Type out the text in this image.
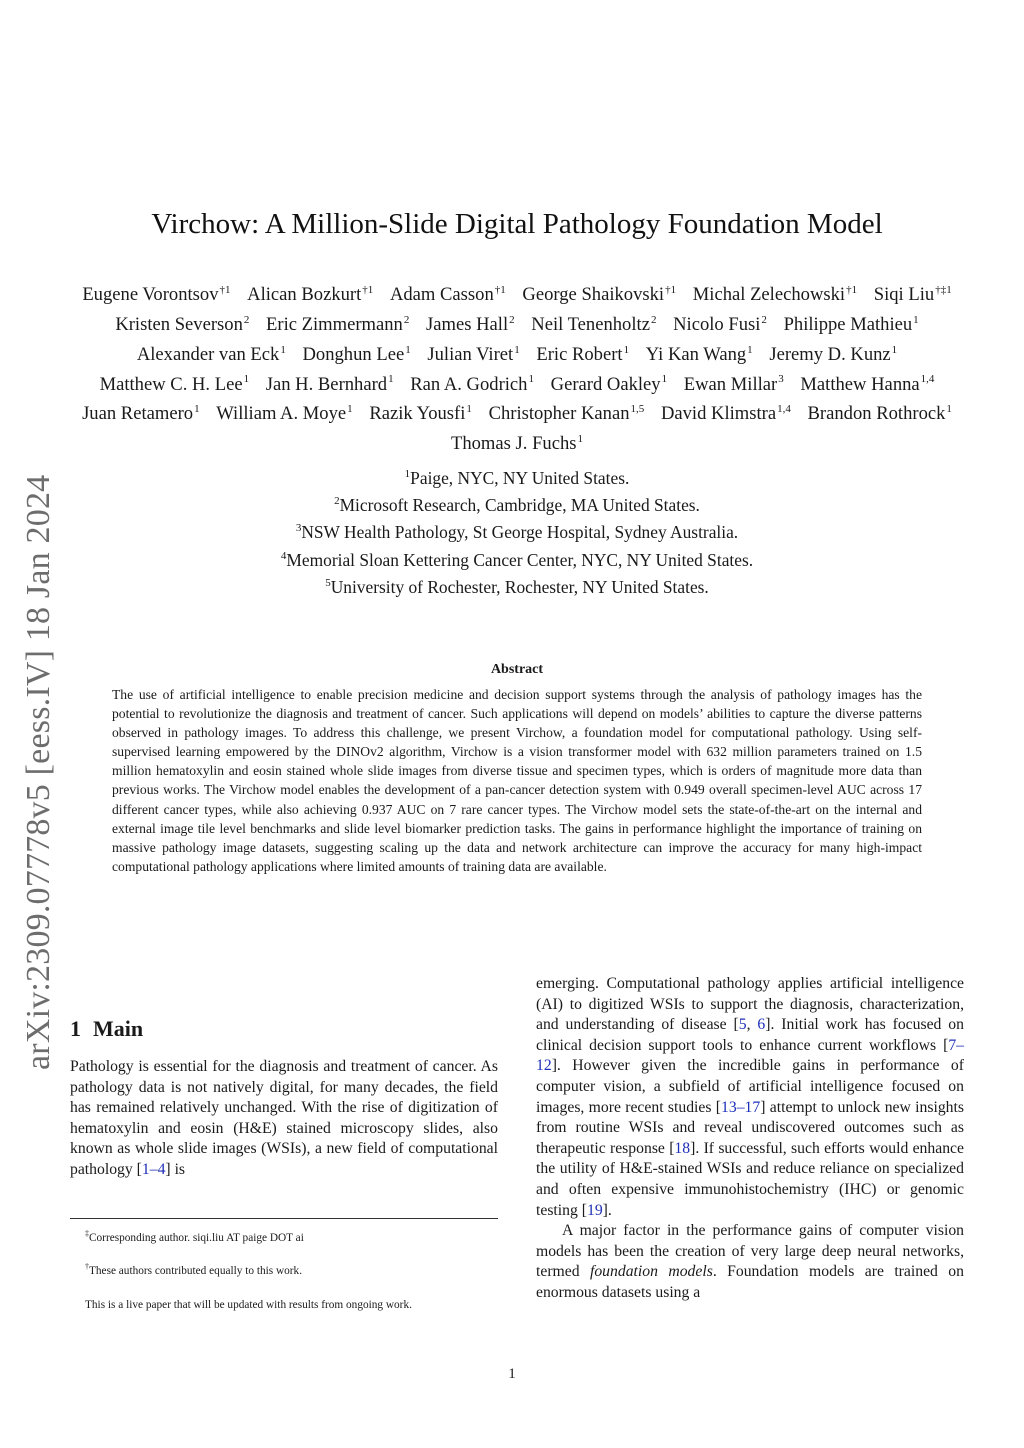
arXiv:2309.07778v5 [eess.IV] 18 Jan 2024
Virchow: A Million-Slide Digital Pathology Foundation Model
Eugene Vorontsov$^{\dagger 1}$ Alican Bozkurt$^{\dagger 1}$ Adam Casson$^{\dagger 1}$ George Shaikovski$^{\dagger 1}$ Michal Zelechowski$^{\dagger 1}$ Siqi Liu$^{\dagger\ddagger 1}$ Kristen Severson$^2$ Eric Zimmermann$^2$ James Hall$^2$ Neil Tenenholtz$^2$ Nicolo Fusi$^2$ Philippe Mathieu$^1$ Alexander van Eck$^1$ Donghun Lee$^1$ Julian Viret$^1$ Eric Robert$^1$ Yi Kan Wang$^1$ Jeremy D. Kunz$^1$ Matthew C. H. Lee$^1$ Jan H. Bernhard$^1$ Ran A. Godrich$^1$ Gerard Oakley$^1$ Ewan Millar$^3$ Matthew Hanna$^{1,4}$ Juan Retamero$^1$ William A. Moye$^1$ Razik Yousfi$^1$ Christopher Kanan$^{1,5}$ David Klimstra$^{1,4}$ Brandon Rothrock$^1$ Thomas J. Fuchs$^1$
$^1$Paige, NYC, NY United States.
$^2$Microsoft Research, Cambridge, MA United States.
$^3$NSW Health Pathology, St George Hospital, Sydney Australia.
$^4$Memorial Sloan Kettering Cancer Center, NYC, NY United States.
$^5$University of Rochester, Rochester, NY United States.
Abstract

The use of artificial intelligence to enable precision medicine and decision support systems through the analysis of pathology images has the potential to revolutionize the diagnosis and treatment of cancer. Such applications will depend on models’ abilities to capture the diverse patterns observed in pathology images. To address this challenge, we present Virchow, a foundation model for computational pathology. Using self-supervised learning empowered by the DINOv2 algorithm, Virchow is a vision transformer model with 632 million parameters trained on 1.5 million hematoxylin and eosin stained whole slide images from diverse tissue and specimen types, which is orders of magnitude more data than previous works. The Virchow model enables the development of a pan-cancer detection system with 0.949 overall specimen-level AUC across 17 different cancer types, while also achieving 0.937 AUC on 7 rare cancer types. The Virchow model sets the state-of-the-art on the internal and external image tile level benchmarks and slide level biomarker prediction tasks. The gains in performance highlight the importance of training on massive pathology image datasets, suggesting scaling up the data and network architecture can improve the accuracy for many high-impact computational pathology applications where limited amounts of training data are available.

1 Main

Pathology is essential for the diagnosis and treatment of cancer. As pathology data is not natively digital, for many decades, the field has remained relatively unchanged. With the rise of digitization of hematoxylin and eosin (H&E) stained microscopy slides, also known as whole slide images (WSIs), a new field of computational pathology [1–4] is

emerging. Computational pathology applies artificial intelligence (AI) to digitized WSIs to support the diagnosis, characterization, and understanding of disease [5, 6]. Initial work has focused on clinical decision support tools to enhance current workflows [7–12]. However given the incredible gains in performance of computer vision, a subfield of artificial intelligence focused on images, more recent studies [13–17] attempt to unlock new insights from routine WSIs and reveal undiscovered outcomes such as therapeutic response [18]. If successful, such efforts would enhance the utility of H&E-stained WSIs and reduce reliance on specialized and often expensive immunohistochemistry (IHC) or genomic testing [19].

A major factor in the performance gains of computer vision models has been the creation of very large deep neural networks, termed foundation models. Foundation models are trained on enormous datasets using a

‡Corresponding author. siqi.liu AT paige DOT ai

†These authors contributed equally to this work.

This is a live paper that will be updated with results from ongoing work.

1
